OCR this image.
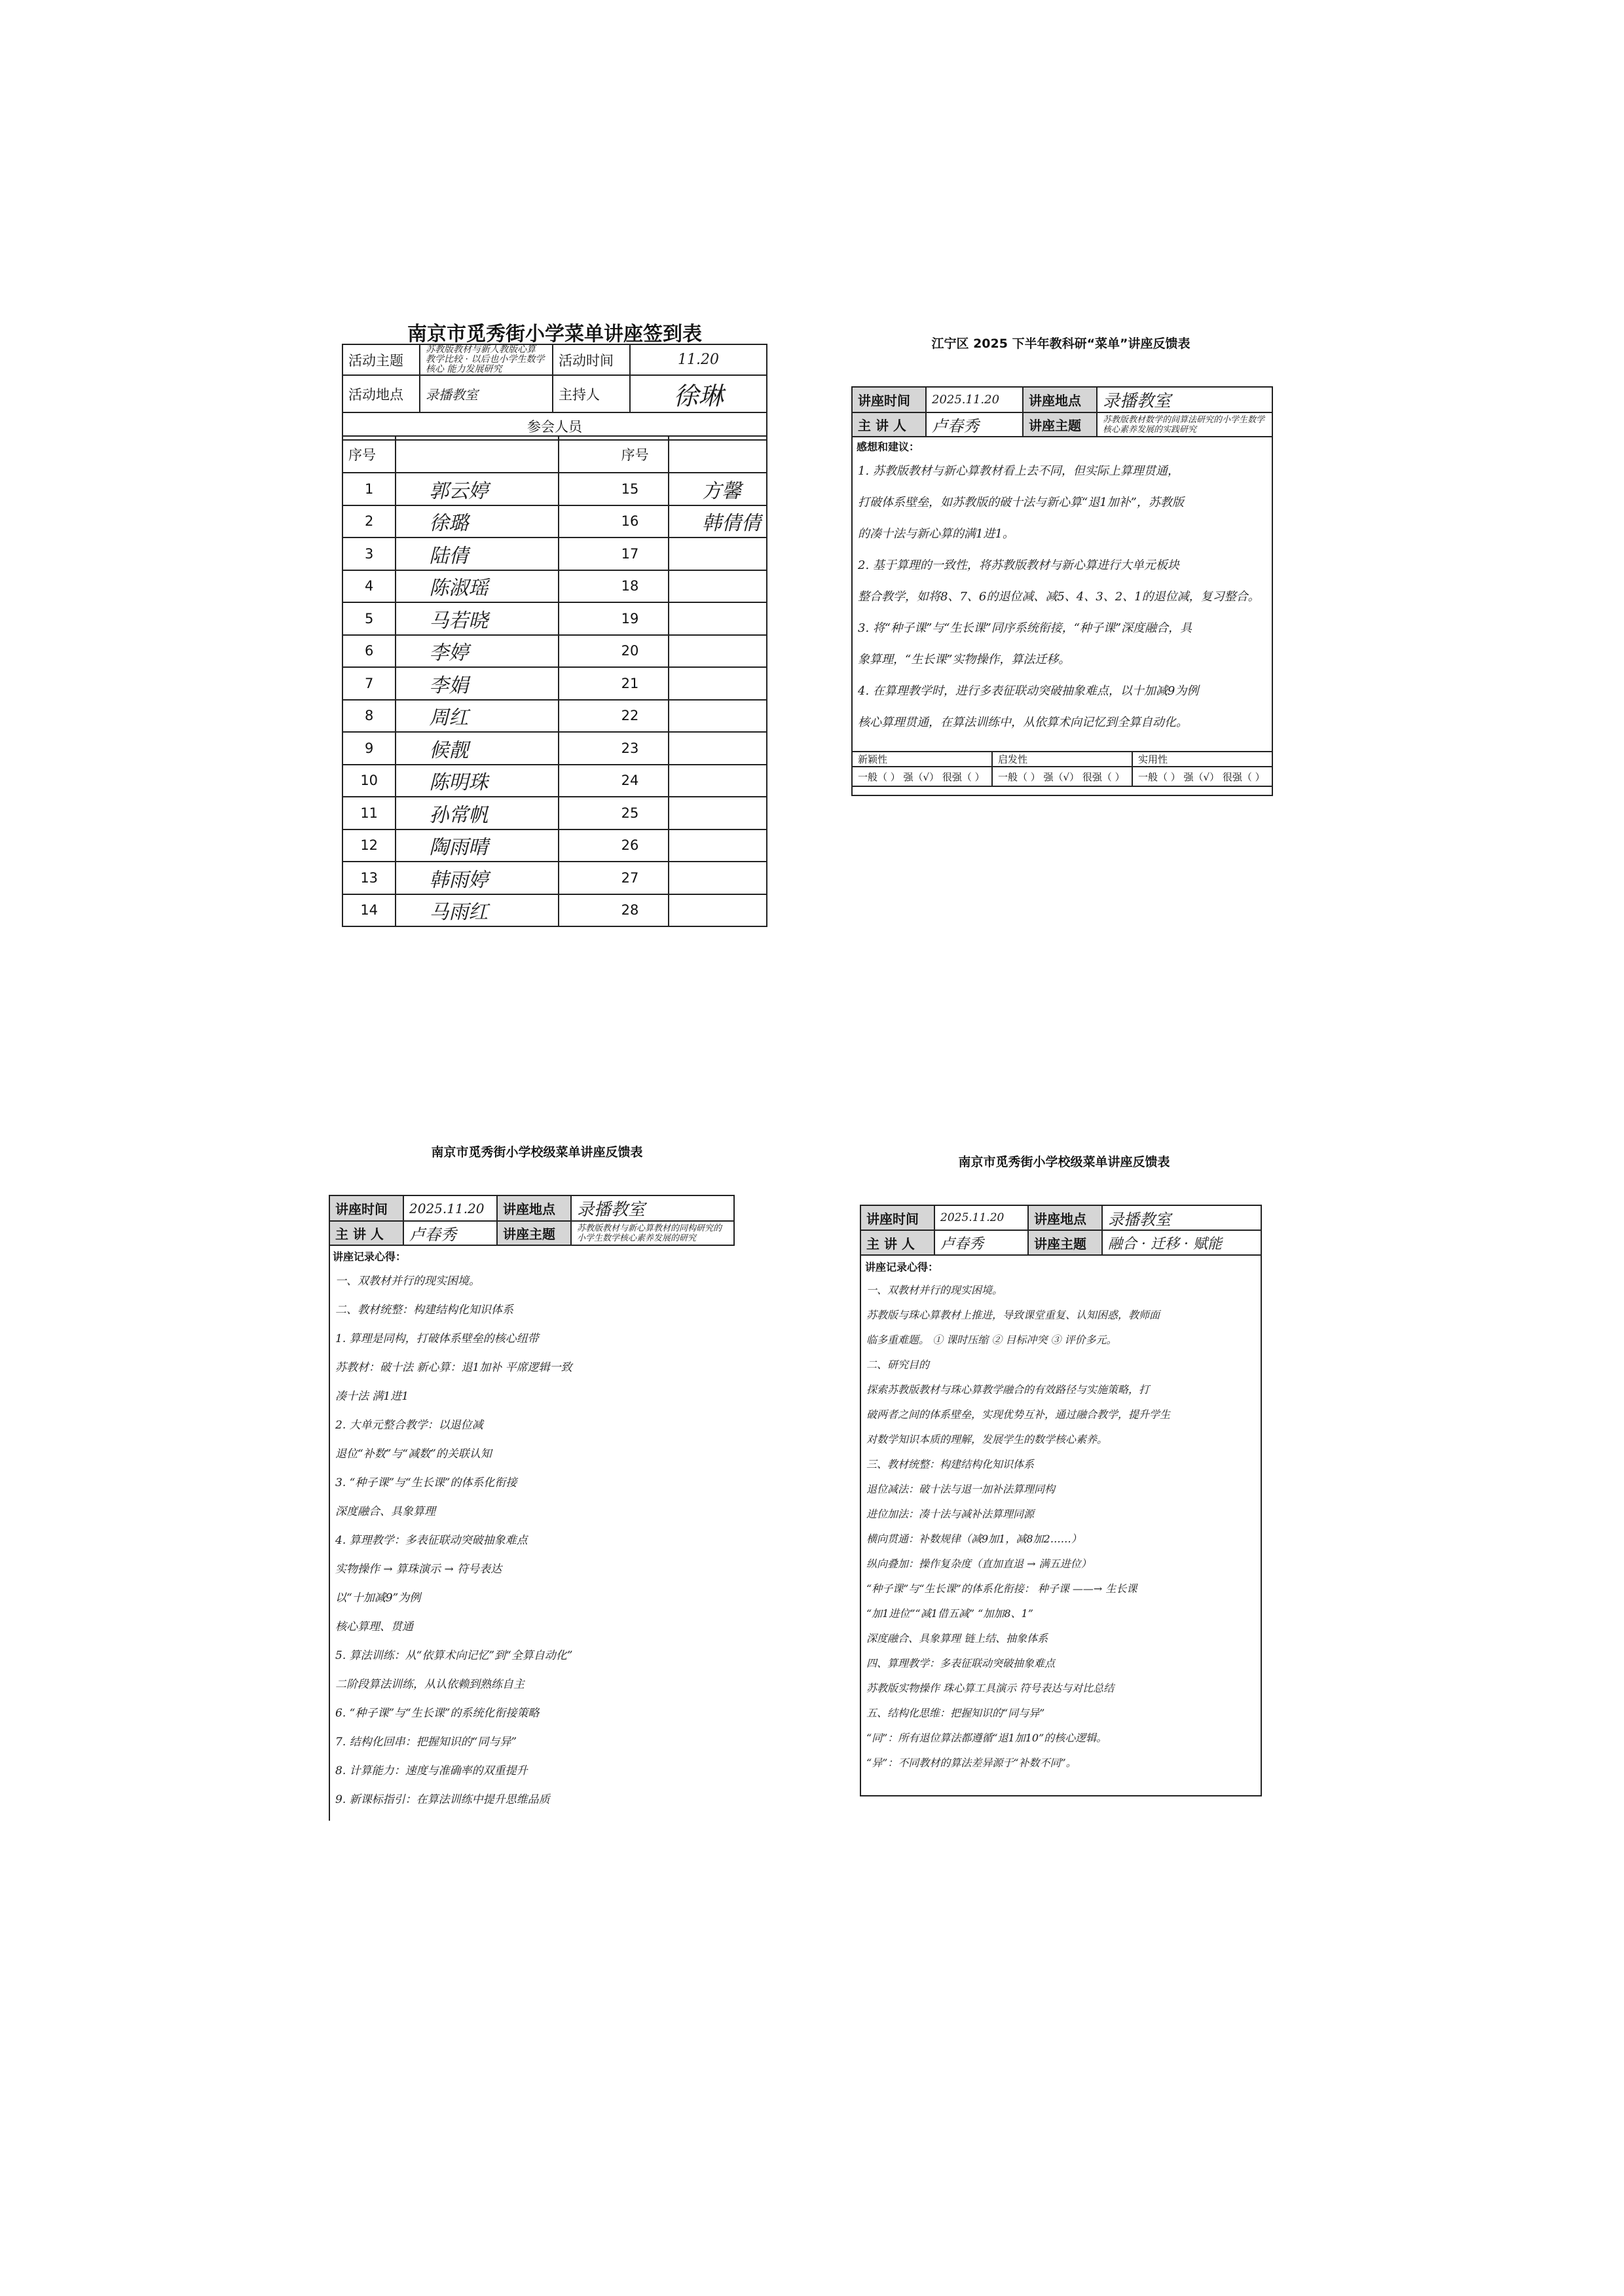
南京市觅秀街小学菜单讲座签到表
活动主题	苏教版教材与新人教版心算 教学比较 · 以后也小学生数学核心 能力发展研究	活动时间	11.20
活动地点	录播教室	主持人	徐琳
参会人员			
序号		序号	
1	郭云婷	15	方馨
2	徐璐	16	韩倩倩
3	陆倩	17	
4	陈淑瑶	18	
5	马若晓	19	
6	李婷	20	
7	李娟	21	
8	周红	22	
9	候靓	23	
10	陈明珠	24	
11	孙常帆	25	
12	陶雨晴	26	
13	韩雨婷	27	
14	马雨红	28	
江宁区 2025 下半年教科研“菜单”讲座反馈表
讲座时间	2025.11.20	讲座地点	录播教室
主 讲 人	卢春秀	讲座主题	苏教版教材数学的间算法研究的小学生数学核心素养发展的实践研究
感想和建议：
1. 苏教版教材与新心算教材看上去不同，但实际上算理贯通，
打破体系壁垒，如苏教版的破十法与新心算“退1加补”，苏教版
的凑十法与新心算的满1进1。
2. 基于算理的一致性，将苏教版教材与新心算进行大单元板块
整合教学，如将8、7、6的退位减、减5、4、3、2、1的退位减，复习整合。
3. 将“种子课”与“生长课”同序系统衔接，“种子课”深度融合，具
象算理，“生长课”实物操作，算法迁移。
4. 在算理教学时，进行多表征联动突破抽象难点，以十加减9为例
核心算理贯通，在算法训练中，从依算术向记忆到全算自动化。
新颖性	启发性	实用性
一般（ ） 强（√） 很强（ ）	一般（ ） 强（√） 很强（ ）	一般（ ） 强（√） 很强（ ）
南京市觅秀街小学校级菜单讲座反馈表
讲座时间	2025.11.20	讲座地点	录播教室
主 讲 人	卢春秀	讲座主题	苏教版教材与新心算教材的同构研究的小学生数学核心素养发展的研究
讲座记录心得：
一、双教材并行的现实困境。
二、教材统整：构建结构化知识体系
1. 算理是同构，打破体系壁垒的核心纽带
苏教材：破十法 新心算：退1加补 平席逻辑一致
凑十法 满1进1
2. 大单元整合教学：以退位减
退位“补数”与“减数”的关联认知
3. “种子课”与“生长课”的体系化衔接
深度融合、具象算理
4. 算理教学：多表征联动突破抽象难点
实物操作 → 算珠演示 → 符号表达
以“十加减9”为例
核心算理、贯通
5. 算法训练：从“依算术向记忆”到“全算自动化”
二阶段算法训练，从认依赖到熟练自主
6. “种子课”与“生长课”的系统化衔接策略
7. 结构化回串：把握知识的“同与异”
8. 计算能力：速度与准确率的双重提升
9. 新课标指引：在算法训练中提升思维品质
南京市觅秀街小学校级菜单讲座反馈表
讲座时间	2025.11.20	讲座地点	录播教室
主 讲 人	卢春秀	讲座主题	融合 · 迁移 · 赋能
讲座记录心得：
一、双教材并行的现实困境。
苏教版与珠心算教材上推进，导致课堂重复、认知困惑，教师面
临多重难题。 ① 课时压缩 ② 目标冲突 ③ 评价多元。
二、研究目的
探索苏教版教材与珠心算教学融合的有效路径与实施策略，打
破两者之间的体系壁垒，实现优势互补，通过融合教学，提升学生
对数学知识本质的理解，发展学生的数学核心素养。
三、教材统整：构建结构化知识体系
退位减法：破十法与退一加补法算理同构
进位加法：凑十法与减补法算理同源
横向贯通：补数规律（减9加1，减8加2……）
纵向叠加：操作复杂度（直加直退 → 满五进位）
“种子课”与“生长课”的体系化衔接： 种子课 ——→ 生长课
“加1进位”“减1借五减” “加加8、1”
深度融合、具象算理 链上结、抽象体系
四、算理教学：多表征联动突破抽象难点
苏教版实物操作 珠心算工具演示 符号表达与对比总结
五、结构化思维：把握知识的“同与异”
“同”：所有退位算法都遵循“退1加10”的核心逻辑。
“异”：不同教材的算法差异源于“补数不同”。
